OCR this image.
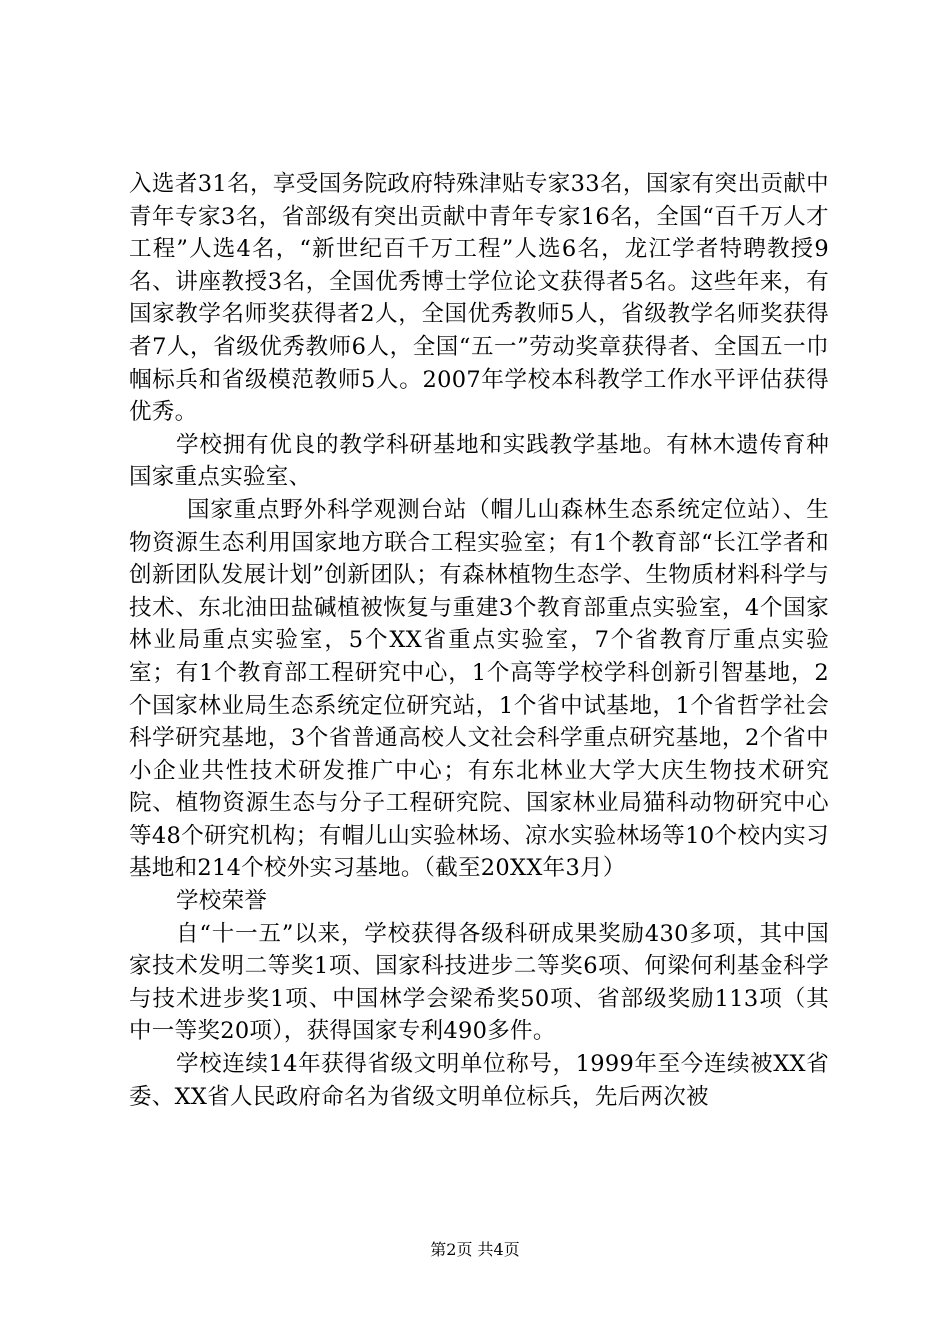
入选者31名，享受国务院政府特殊津贴专家33名，国家有突出贡献中青年专家3名，省部级有突出贡献中青年专家16名，全国“百千万人才工程”人选4名，“新世纪百千万工程”人选6名，龙江学者特聘教授9名、讲座教授3名，全国优秀博士学位论文获得者5名。这些年来，有国家教学名师奖获得者2人，全国优秀教师5人，省级教学名师奖获得者7人，省级优秀教师6人，全国“五一”劳动奖章获得者、全国五一巾帼标兵和省级模范教师5人。2007年学校本科教学工作水平评估获得优秀。

学校拥有优良的教学科研基地和实践教学基地。有林木遗传育种国家重点实验室、

国家重点野外科学观测台站（帽儿山森林生态系统定位站）、生物资源生态利用国家地方联合工程实验室；有1个教育部“长江学者和创新团队发展计划”创新团队；有森林植物生态学、生物质材料科学与技术、东北油田盐碱植被恢复与重建3个教育部重点实验室，4个国家林业局重点实验室，5个XX省重点实验室，7个省教育厅重点实验室；有1个教育部工程研究中心，1个高等学校学科创新引智基地，2个国家林业局生态系统定位研究站，1个省中试基地，1个省哲学社会科学研究基地，3个省普通高校人文社会科学重点研究基地，2个省中小企业共性技术研发推广中心；有东北林业大学大庆生物技术研究院、植物资源生态与分子工程研究院、国家林业局猫科动物研究中心等48个研究机构；有帽儿山实验林场、凉水实验林场等10个校内实习基地和214个校外实习基地。（截至20XX年3月）

学校荣誉

自“十一五”以来，学校获得各级科研成果奖励430多项，其中国家技术发明二等奖1项、国家科技进步二等奖6项、何梁何利基金科学与技术进步奖1项、中国林学会梁希奖50项、省部级奖励113项（其中一等奖20项），获得国家专利490多件。

学校连续14年获得省级文明单位称号，1999年至今连续被XX省委、XX省人民政府命名为省级文明单位标兵，先后两次被

第2页 共4页
